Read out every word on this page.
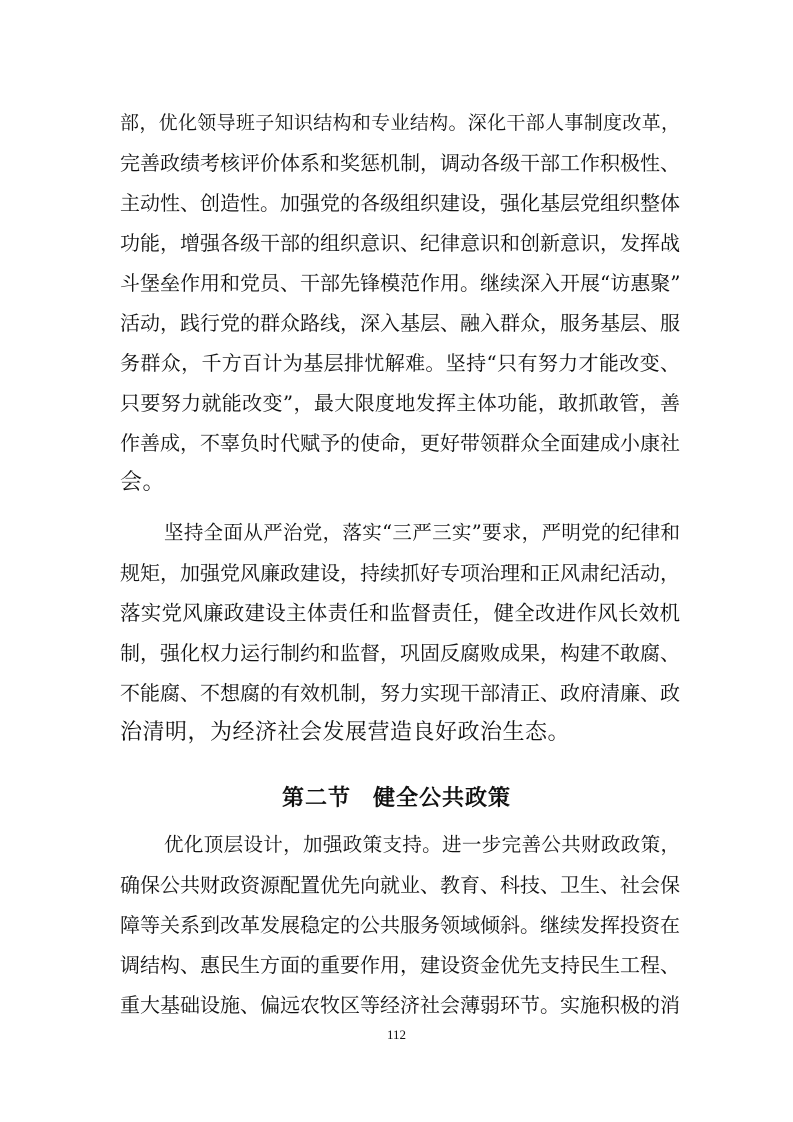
部，优化领导班子知识结构和专业结构。深化干部人事制度改革，
完善政绩考核评价体系和奖惩机制，调动各级干部工作积极性、
主动性、创造性。加强党的各级组织建设，强化基层党组织整体
功能，增强各级干部的组织意识、纪律意识和创新意识，发挥战
斗堡垒作用和党员、干部先锋模范作用。继续深入开展“访惠聚”
活动，践行党的群众路线，深入基层、融入群众，服务基层、服
务群众，千方百计为基层排忧解难。坚持“只有努力才能改变、
只要努力就能改变”，最大限度地发挥主体功能，敢抓敢管，善
作善成，不辜负时代赋予的使命，更好带领群众全面建成小康社
会。
坚持全面从严治党，落实“三严三实”要求，严明党的纪律和
规矩，加强党风廉政建设，持续抓好专项治理和正风肃纪活动，
落实党风廉政建设主体责任和监督责任，健全改进作风长效机
制，强化权力运行制约和监督，巩固反腐败成果，构建不敢腐、
不能腐、不想腐的有效机制，努力实现干部清正、政府清廉、政
治清明，为经济社会发展营造良好政治生态。
第二节 健全公共政策
优化顶层设计，加强政策支持。进一步完善公共财政政策，
确保公共财政资源配置优先向就业、教育、科技、卫生、社会保
障等关系到改革发展稳定的公共服务领域倾斜。继续发挥投资在
调结构、惠民生方面的重要作用，建设资金优先支持民生工程、
重大基础设施、偏远农牧区等经济社会薄弱环节。实施积极的消
112
